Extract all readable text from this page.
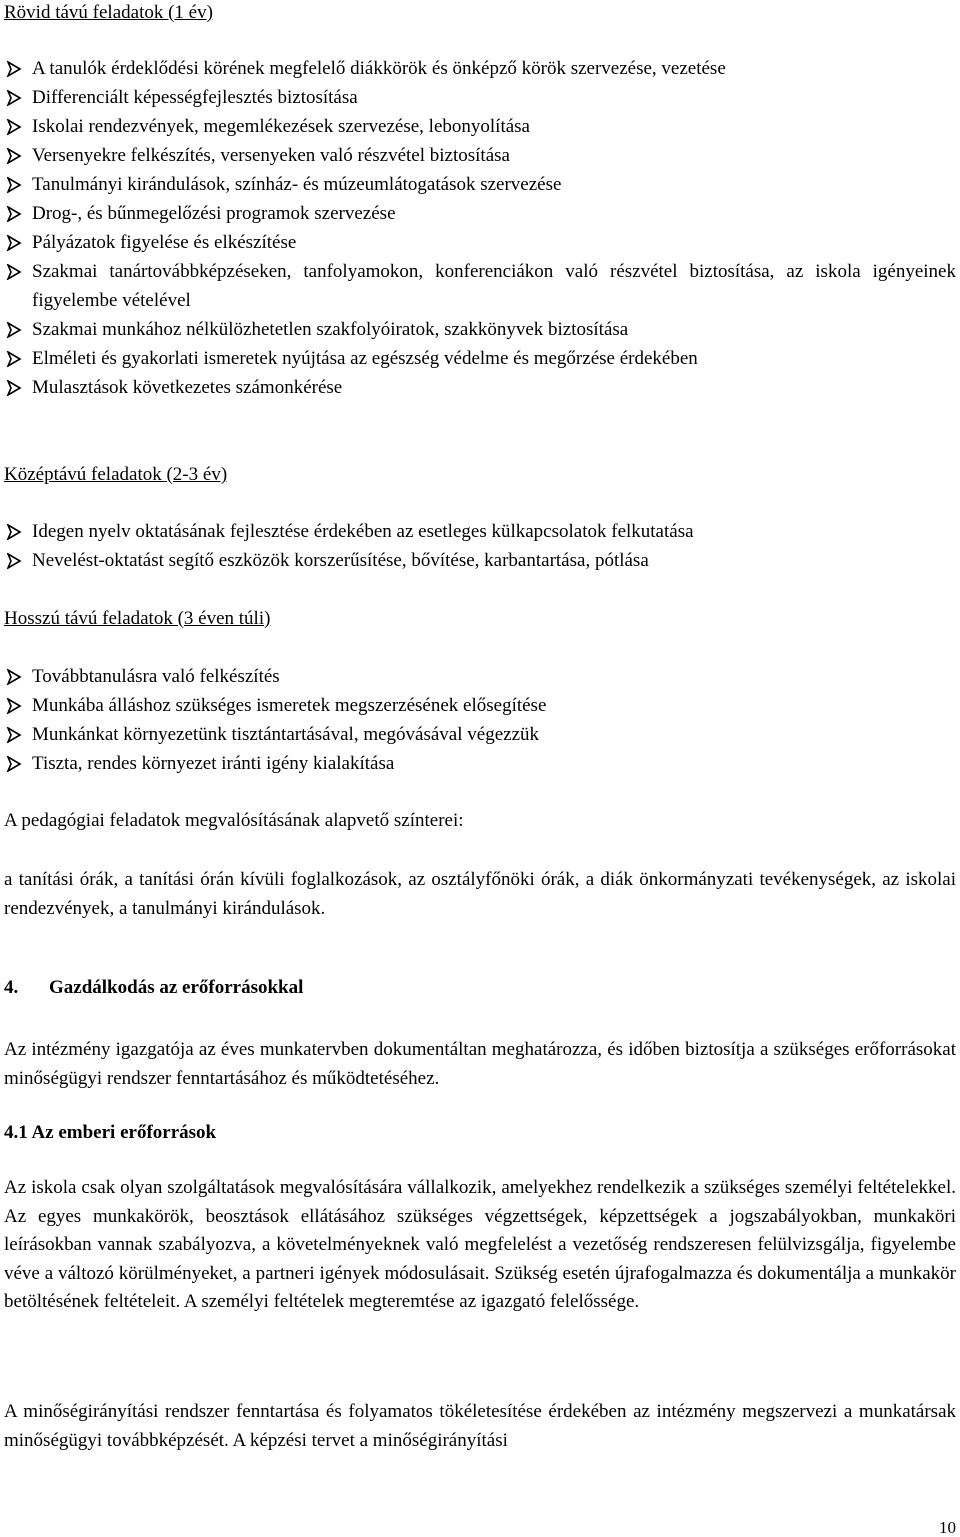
Rövid távú feladatok (1 év)
A tanulók érdeklődési körének megfelelő diákkörök és önképző körök szervezése, vezetése
Differenciált képességfejlesztés biztosítása
Iskolai rendezvények, megemlékezések szervezése, lebonyolítása
Versenyekre felkészítés, versenyeken való részvétel biztosítása
Tanulmányi kirándulások, színház- és múzeumlátogatások szervezése
Drog-, és bűnmegelőzési programok szervezése
Pályázatok figyelése és elkészítése
Szakmai tanártovábbképzéseken, tanfolyamokon, konferenciákon való részvétel biztosítása, az iskola igényeinek figyelembe vételével
Szakmai munkához nélkülözhetetlen szakfolyóiratok, szakkönyvek biztosítása
Elméleti és gyakorlati ismeretek nyújtása az egészség védelme és megőrzése érdekében
Mulasztások következetes számonkérése
Középtávú feladatok (2-3 év)
Idegen nyelv oktatásának fejlesztése érdekében az esetleges külkapcsolatok felkutatása
Nevelést-oktatást segítő eszközök korszerűsítése, bővítése, karbantartása, pótlása
Hosszú távú feladatok (3 éven túli)
Továbbtanulásra való felkészítés
Munkába álláshoz szükséges ismeretek megszerzésének elősegítése
Munkánkat környezetünk tisztántartásával, megóvásával végezzük
Tiszta, rendes környezet iránti igény kialakítása

A pedagógiai feladatok megvalósításának alapvető színterei:

a tanítási órák, a tanítási órán kívüli foglalkozások, az osztályfőnöki órák, a diák önkormányzati tevékenységek, az iskolai rendezvények, a tanulmányi kirándulások.

4. Gazdálkodás az erőforrásokkal

Az intézmény igazgatója az éves munkatervben dokumentáltan meghatározza, és időben biztosítja a szükséges erőforrásokat minőségügyi rendszer fenntartásához és működtetéséhez.

4.1 Az emberi erőforrások

Az iskola csak olyan szolgáltatások megvalósítására vállalkozik, amelyekhez rendelkezik a szükséges személyi feltételekkel. Az egyes munkakörök, beosztások ellátásához szükséges végzettségek, képzettségek a jogszabályokban, munkaköri leírásokban vannak szabályozva, a követelményeknek való megfelelést a vezetőség rendszeresen felülvizsgálja, figyelembe véve a változó körülményeket, a partneri igények módosulásait. Szükség esetén újrafogalmazza és dokumentálja a munkakör betöltésének feltételeit. A személyi feltételek megteremtése az igazgató felelőssége.

A minőségirányítási rendszer fenntartása és folyamatos tökéletesítése érdekében az intézmény megszervezi a munkatársak minőségügyi továbbképzését. A képzési tervet a minőségirányítási

10
